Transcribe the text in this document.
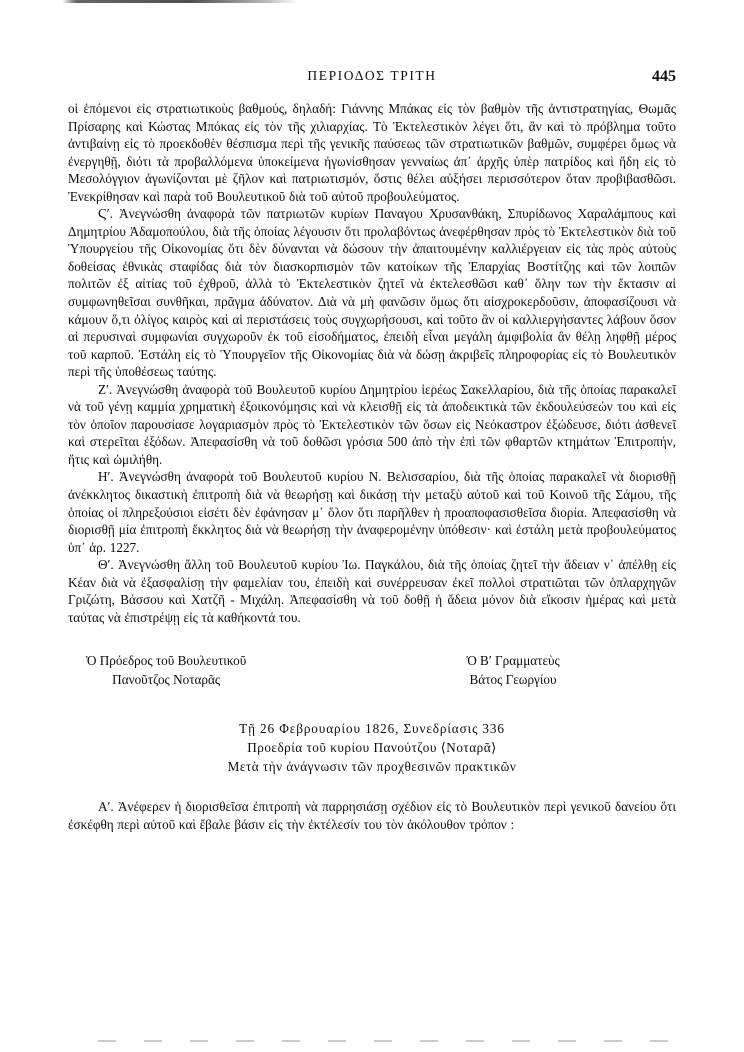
ΠΕΡΙΟΔΟΣ ΤΡΙΤΗ	445

οἱ ἑπόμενοι εἰς στρατιωτικοὺς βαθμούς, δηλαδή: Γιάννης Μπάκας εἰς τὸν βαθμὸν τῆς ἀντιστρατηγίας, Θωμᾶς Πρίσαρης καὶ Κώστας Μπόκας εἰς τὸν τῆς χιλιαρχίας. Τὸ Ἐκτελεστικὸν λέγει ὅτι, ἂν καὶ τὸ πρόβλημα τοῦτο ἀντιβαίνῃ εἰς τὸ προεκδοθὲν θέσπισμα περὶ τῆς γενικῆς παύσεως τῶν στρατιωτικῶν βαθμῶν, συμφέρει ὅμως νὰ ἐνεργηθῇ, διότι τὰ προβαλλόμενα ὑποκείμενα ἠγωνίσθησαν γενναίως ἀπ᾽ ἀρχῆς ὑπὲρ πατρίδος καὶ ἤδη εἰς τὸ Μεσολόγγιον ἀγωνίζονται μὲ ζῆλον καὶ πατριωτισμόν, ὅστις θέλει αὐξήσει περισσότερον ὅταν προβιβασθῶσι. Ἐνεκρίθησαν καὶ παρὰ τοῦ Βουλευτικοῦ διὰ τοῦ αὐτοῦ προβουλεύματος.

Ϛ′. Ἀνεγνώσθη ἀναφορὰ τῶν πατριωτῶν κυρίων Παναγου Χρυσανθάκη, Σπυρίδωνος Χαραλάμπους καὶ Δημητρίου Ἀδαμοπούλου, διὰ τῆς ὁποίας λέγουσιν ὅτι προλαβόντως ἀνεφέρθησαν πρὸς τὸ Ἐκτελεστικὸν διὰ τοῦ Ὑπουργείου τῆς Οἰκονομίας ὅτι δὲν δύνανται νὰ δώσουν τὴν ἀπαιτουμένην καλλιέργειαν εἰς τὰς πρὸς αὐτοὺς δοθείσας ἐθνικὰς σταφίδας διὰ τὸν διασκορπισμὸν τῶν κατοίκων τῆς Ἐπαρχίας Βοστίτζης καὶ τῶν λοιπῶν πολιτῶν ἐξ αἰτίας τοῦ ἐχθροῦ, ἀλλὰ τὸ Ἐκτελεστικὸν ζητεῖ νὰ ἐκτελεσθῶσι καθ᾽ ὅλην των τὴν ἔκτασιν αἱ συμφωνηθεῖσαι συνθῆκαι, πρᾶγμα ἀδύνατον. Διὰ νὰ μὴ φανῶσιν ὅμως ὅτι αἰσχροκερδοῦσιν, ἀποφασίζουσι νὰ κάμουν ὅ,τι ὀλίγος καιρὸς καὶ αἱ περιστάσεις τοὺς συγχωρήσουσι, καὶ τοῦτο ἂν οἱ καλλιεργήσαντες λάβουν ὅσον αἱ περυσιναὶ συμφωνίαι συγχωροῦν ἐκ τοῦ εἰσοδήματος, ἐπειδὴ εἶναι μεγάλη ἀμφιβολία ἂν θέλῃ ληφθῇ μέρος τοῦ καρποῦ. Ἐστάλη εἰς τὸ Ὑπουργεῖον τῆς Οἰκονομίας διὰ νὰ δώσῃ ἀκριβεῖς πληροφορίας εἰς τὸ Βουλευτικὸν περὶ τῆς ὑποθέσεως ταύτης.

Ζ′. Ἀνεγνώσθη ἀναφορὰ τοῦ Βουλευτοῦ κυρίου Δημητρίου ἱερέως Σακελλαρίου, διὰ τῆς ὁποίας παρακαλεῖ νὰ τοῦ γένῃ καμμία χρηματικὴ ἐξοικονόμησις καὶ νὰ κλεισθῇ εἰς τὰ ἀποδεικτικὰ τῶν ἐκδουλεύσεών του καὶ εἰς τὸν ὁποῖον παρουσίασε λογαριασμὸν πρὸς τὸ Ἐκτελεστικὸν τῶν ὅσων εἰς Νεόκαστρον ἐξώδευσε, διότι ἀσθενεῖ καὶ στερεῖται ἐξόδων. Ἀπεφασίσθη νὰ τοῦ δοθῶσι γρόσια 500 ἀπὸ τὴν ἐπὶ τῶν φθαρτῶν κτημάτων Ἐπιτροπήν, ἥτις καὶ ὡμιλήθη.

Η′. Ἀνεγνώσθη ἀναφορὰ τοῦ Βουλευτοῦ κυρίου Ν. Βελισσαρίου, διὰ τῆς ὁποίας παρακαλεῖ νὰ διορισθῇ ἀνέκκλητος δικαστικὴ ἐπιτροπὴ διὰ νὰ θεωρήσῃ καὶ δικάσῃ τὴν μεταξὺ αὐτοῦ καὶ τοῦ Κοινοῦ τῆς Σάμου, τῆς ὁποίας οἱ πληρεξούσιοι εἰσέτι δὲν ἐφάνησαν μ᾽ ὅλον ὅτι παρῆλθεν ἡ προαποφασισθεῖσα διορία. Ἀπεφασίσθη νὰ διορισθῇ μία ἐπιτροπὴ ἔκκλητος διὰ νὰ θεωρήσῃ τὴν ἀναφερομένην ὑπόθεσιν· καὶ ἐστάλη μετὰ προβουλεύματος ὑπ᾽ ἀρ. 1227.

Θ′. Ἀνεγνώσθη ἄλλη τοῦ Βουλευτοῦ κυρίου Ἰω. Παγκάλου, διὰ τῆς ὁποίας ζητεῖ τὴν ἄδειαν ν᾽ ἀπέλθῃ εἰς Κέαν διὰ νὰ ἐξασφαλίσῃ τὴν φαμελίαν του, ἐπειδὴ καὶ συνέρρευσαν ἐκεῖ πολλοὶ στρατιῶται τῶν ὁπλαρχηγῶν Γριζώτη, Βάσσου καὶ Χατζῆ - Μιχάλη. Ἀπεφασίσθη νὰ τοῦ δοθῇ ἡ ἄδεια μόνον διὰ εἴκοσιν ἡμέρας καὶ μετὰ ταύτας νὰ ἐπιστρέψῃ εἰς τὰ καθήκοντά του.

Ὁ Πρόεδρος τοῦ Βουλευτικοῦ
Πανοῦτζος Νοταρᾶς
Ὁ Β′ Γραμματεὺς
Βάτος Γεωργίου
Τῇ 26 Φεβρουαρίου 1826, Συνεδρίασις 336
Προεδρία τοῦ κυρίου Πανούτζου ⟨Νοταρᾶ⟩
Μετὰ τὴν ἀνάγνωσιν τῶν προχθεσινῶν πρακτικῶν

Α′. Ἀνέφερεν ἡ διορισθεῖσα ἐπιτροπὴ νὰ παρρησιάσῃ σχέδιον εἰς τὸ Βουλευτικὸν περὶ γενικοῦ δανείου ὅτι ἐσκέφθη περὶ αὐτοῦ καὶ ἔβαλε βάσιν εἰς τὴν ἐκτέλεσίν του τὸν ἀκόλουθον τρόπον :
